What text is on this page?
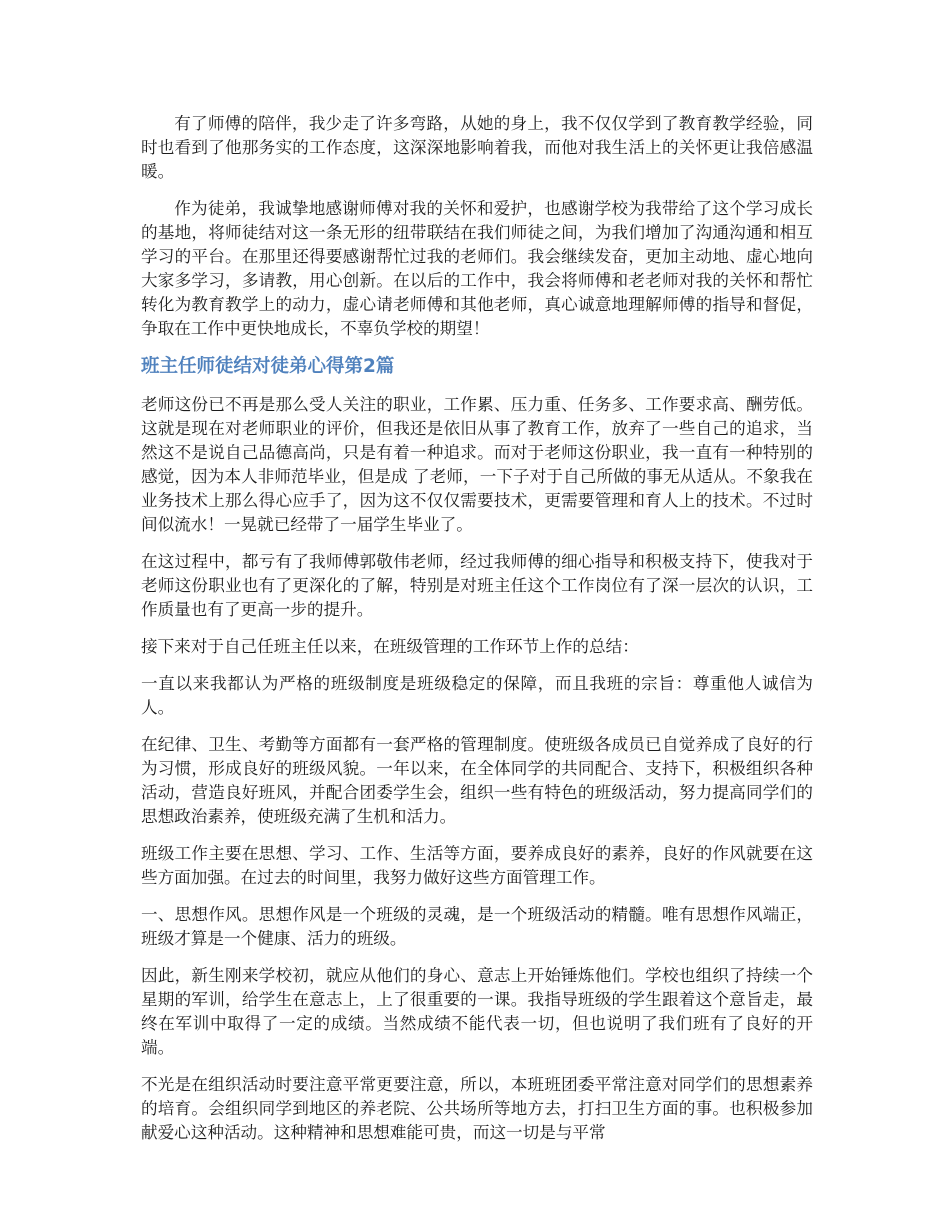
有了师傅的陪伴，我少走了许多弯路，从她的身上，我不仅仅学到了教育教学经验，同时也看到了他那务实的工作态度，这深深地影响着我，而他对我生活上的关怀更让我倍感温暖。

作为徒弟，我诚挚地感谢师傅对我的关怀和爱护，也感谢学校为我带给了这个学习成长的基地，将师徒结对这一条无形的纽带联结在我们师徒之间，为我们增加了沟通沟通和相互学习的平台。在那里还得要感谢帮忙过我的老师们。我会继续发奋，更加主动地、虚心地向大家多学习，多请教，用心创新。在以后的工作中，我会将师傅和老老师对我的关怀和帮忙转化为教育教学上的动力，虚心请老师傅和其他老师，真心诚意地理解师傅的指导和督促，争取在工作中更快地成长，不辜负学校的期望！

班主任师徒结对徒弟心得第2篇

老师这份已不再是那么受人关注的职业，工作累、压力重、任务多、工作要求高、酬劳低。这就是现在对老师职业的评价，但我还是依旧从事了教育工作，放弃了一些自己的追求，当然这不是说自己品德高尚，只是有着一种追求。而对于老师这份职业，我一直有一种特别的感觉，因为本人非师范毕业，但是成 了老师，一下子对于自己所做的事无从适从。不象我在业务技术上那么得心应手了，因为这不仅仅需要技术，更需要管理和育人上的技术。不过时间似流水！一晃就已经带了一届学生毕业了。

在这过程中，都亏有了我师傅郭敬伟老师，经过我师傅的细心指导和积极支持下，使我对于老师这份职业也有了更深化的了解，特别是对班主任这个工作岗位有了深一层次的认识，工作质量也有了更高一步的提升。

接下来对于自己任班主任以来，在班级管理的工作环节上作的总结：

一直以来我都认为严格的班级制度是班级稳定的保障，而且我班的宗旨：尊重他人诚信为人。

在纪律、卫生、考勤等方面都有一套严格的管理制度。使班级各成员已自觉养成了良好的行为习惯，形成良好的班级风貌。一年以来，在全体同学的共同配合、支持下，积极组织各种活动，营造良好班风，并配合团委学生会，组织一些有特色的班级活动，努力提高同学们的思想政治素养，使班级充满了生机和活力。

班级工作主要在思想、学习、工作、生活等方面，要养成良好的素养，良好的作风就要在这些方面加强。在过去的时间里，我努力做好这些方面管理工作。

一、思想作风。思想作风是一个班级的灵魂，是一个班级活动的精髓。唯有思想作风端正，班级才算是一个健康、活力的班级。

因此，新生刚来学校初，就应从他们的身心、意志上开始锤炼他们。学校也组织了持续一个星期的军训，给学生在意志上，上了很重要的一课。我指导班级的学生跟着这个意旨走，最终在军训中取得了一定的成绩。当然成绩不能代表一切，但也说明了我们班有了良好的开端。

不光是在组织活动时要注意平常更要注意，所以，本班班团委平常注意对同学们的思想素养的培育。会组织同学到地区的养老院、公共场所等地方去，打扫卫生方面的事。也积极参加献爱心这种活动。这种精神和思想难能可贵，而这一切是与平常
